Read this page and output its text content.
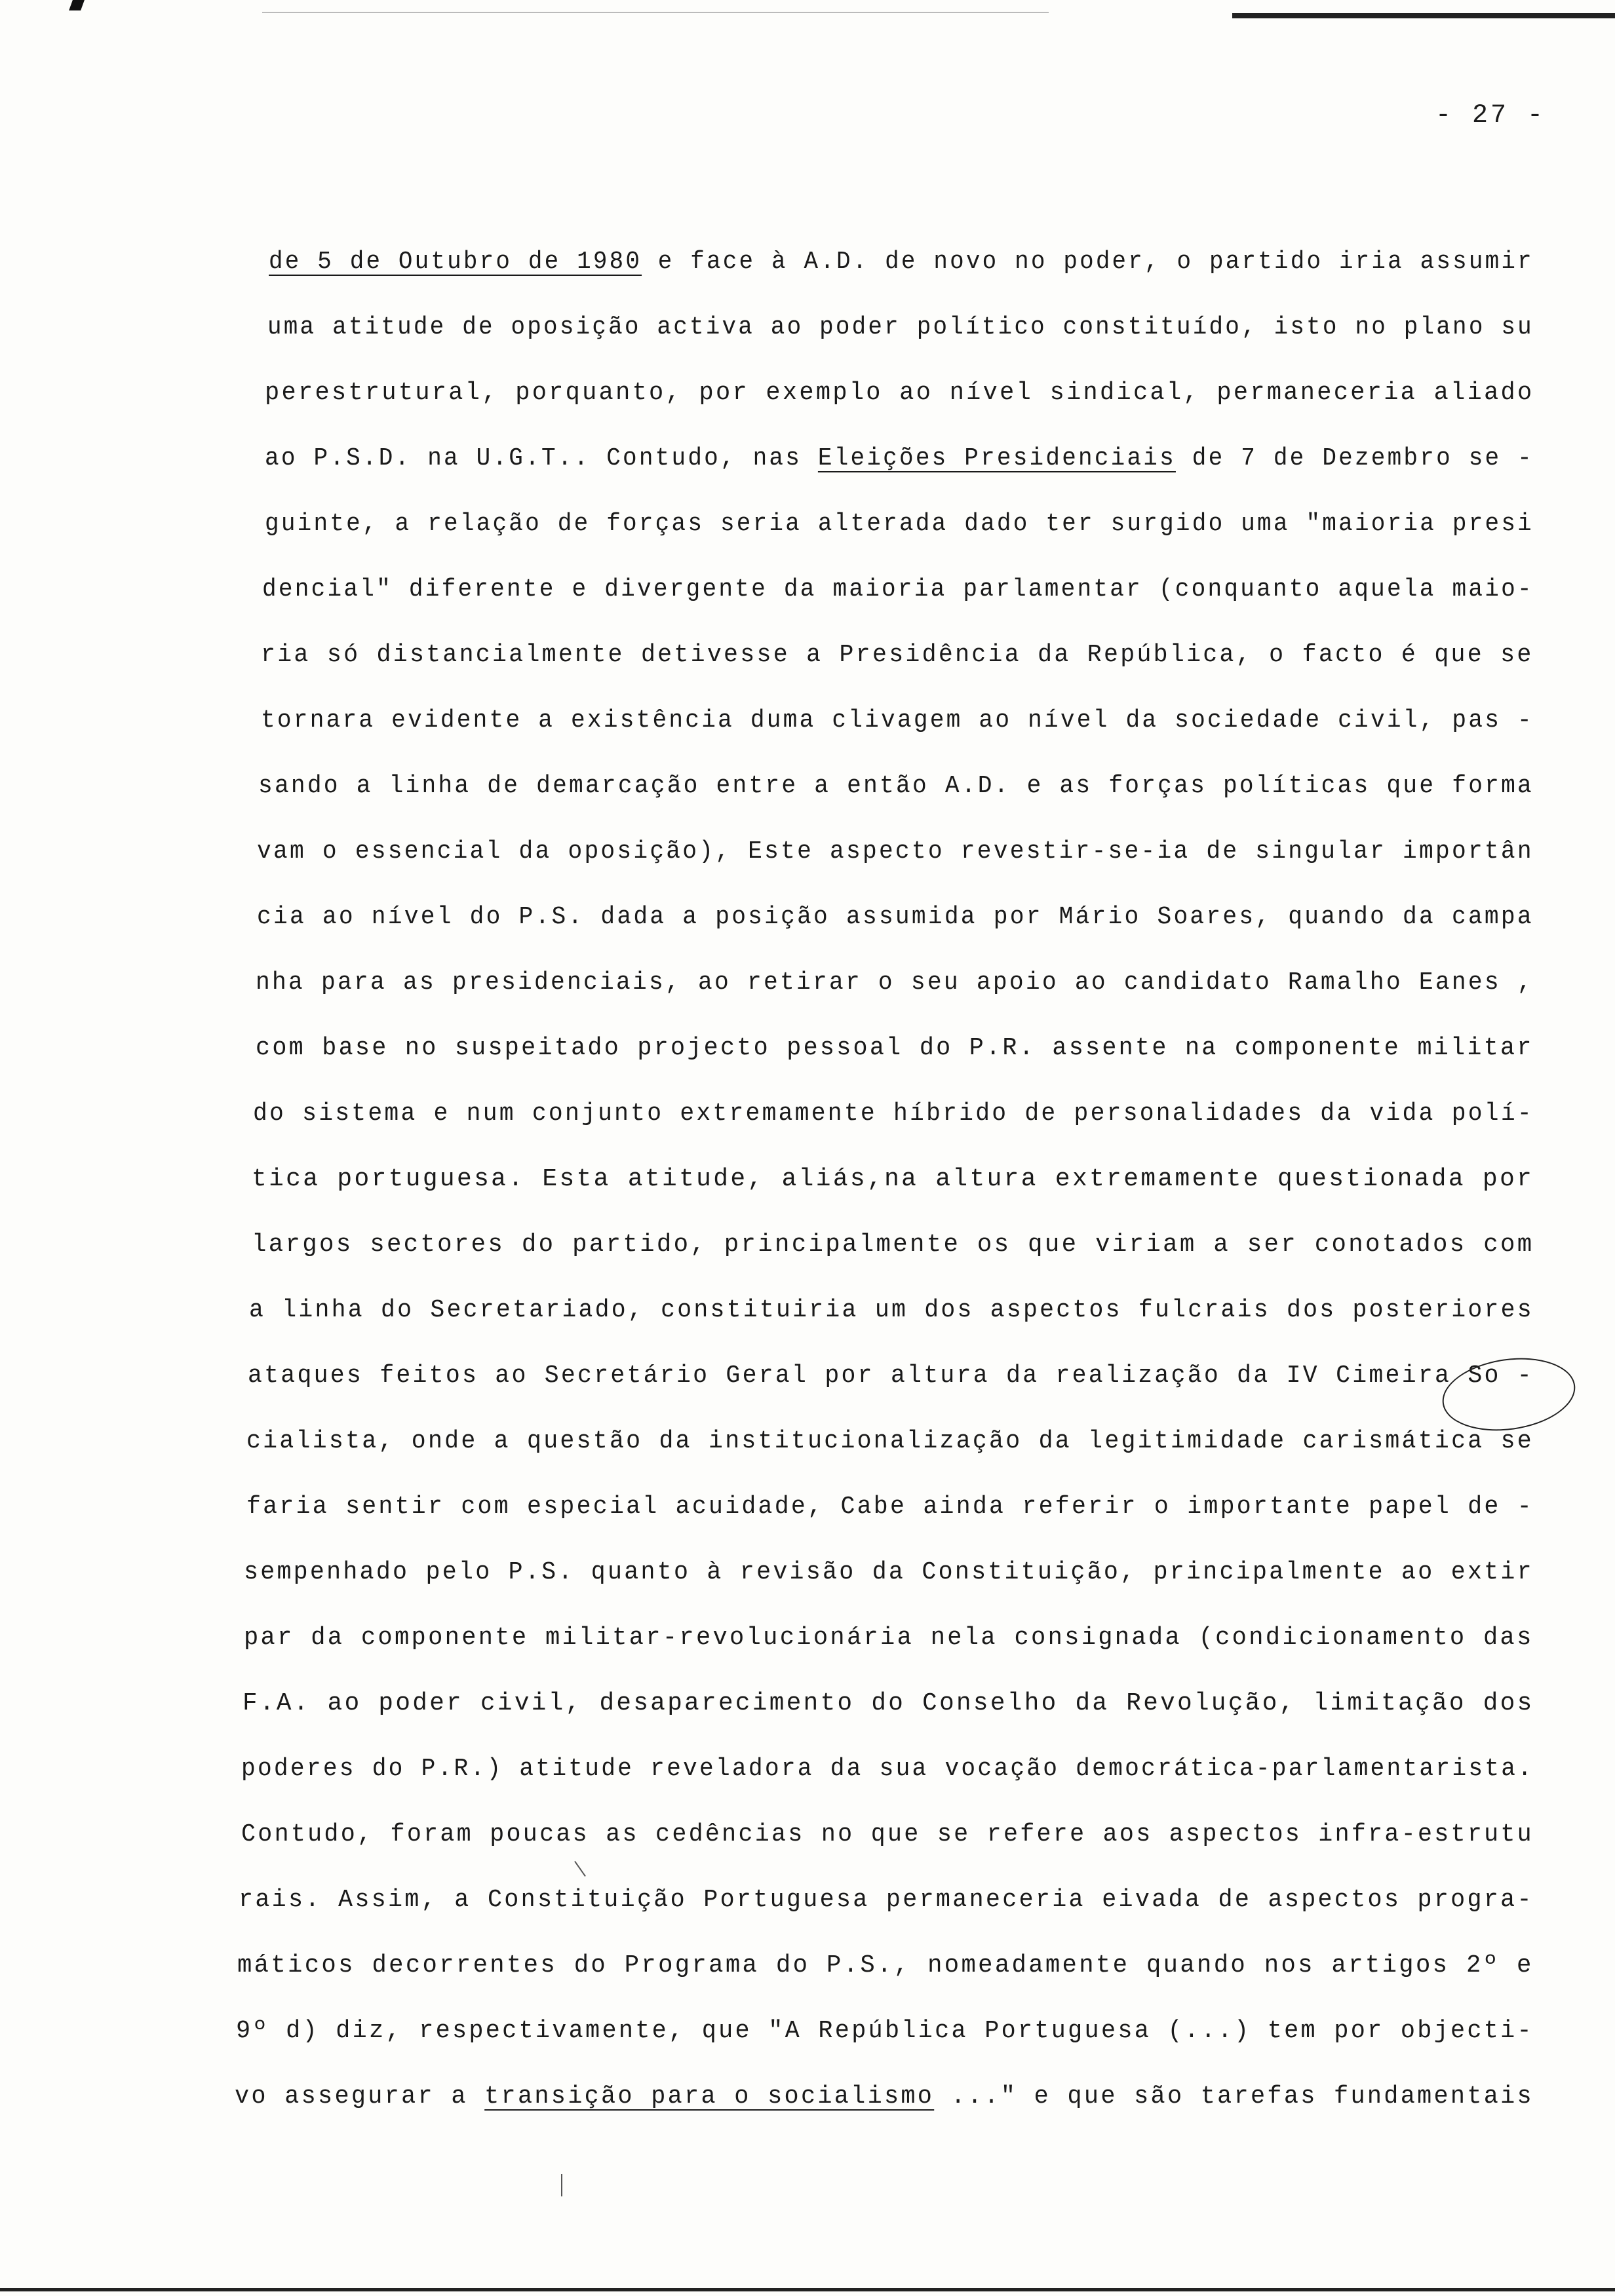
- 27 -
de 5 de Outubro de 1980 e face à A.D. de novo no poder, o partido iria assumir
uma atitude de oposição activa ao poder político constituído, isto no plano su
perestrutural, porquanto, por exemplo ao nível sindical, permaneceria aliado
ao P.S.D. na U.G.T.. Contudo, nas Eleições Presidenciais de 7 de Dezembro se -
guinte, a relação de forças seria alterada dado ter surgido uma "maioria presi
dencial" diferente e divergente da maioria parlamentar (conquanto aquela maio-
ria só distancialmente detivesse a Presidência da República, o facto é que se
tornara evidente a existência duma clivagem ao nível da sociedade civil, pas -
sando a linha de demarcação entre a então A.D. e as forças políticas que forma
vam o essencial da oposição), Este aspecto revestir-se-ia de singular importân
cia ao nível do P.S. dada a posição assumida por Mário Soares, quando da campa
nha para as presidenciais, ao retirar o seu apoio ao candidato Ramalho Eanes ,
com base no suspeitado projecto pessoal do P.R. assente na componente militar
do sistema e num conjunto extremamente híbrido de personalidades da vida polí-
tica portuguesa. Esta atitude, aliás,na altura extremamente questionada por
largos sectores do partido, principalmente os que viriam a ser conotados com
a linha do Secretariado, constituiria um dos aspectos fulcrais dos posteriores
ataques feitos ao Secretário Geral por altura da realização da IV Cimeira So -
cialista, onde a questão da institucionalização da legitimidade carismática se
faria sentir com especial acuidade, Cabe ainda referir o importante papel de -
sempenhado pelo P.S. quanto à revisão da Constituição, principalmente ao extir
par da componente militar-revolucionária nela consignada (condicionamento das
F.A. ao poder civil, desaparecimento do Conselho da Revolução, limitação dos
poderes do P.R.) atitude reveladora da sua vocação democrática-parlamentarista.
Contudo, foram poucas as cedências no que se refere aos aspectos infra-estrutu
rais. Assim, a Constituição Portuguesa permaneceria eivada de aspectos progra-
máticos decorrentes do Programa do P.S., nomeadamente quando nos artigos 2º e
9º d) diz, respectivamente, que "A República Portuguesa (...) tem por objecti-
vo assegurar a transição para o socialismo ..." e que são tarefas fundamentais
